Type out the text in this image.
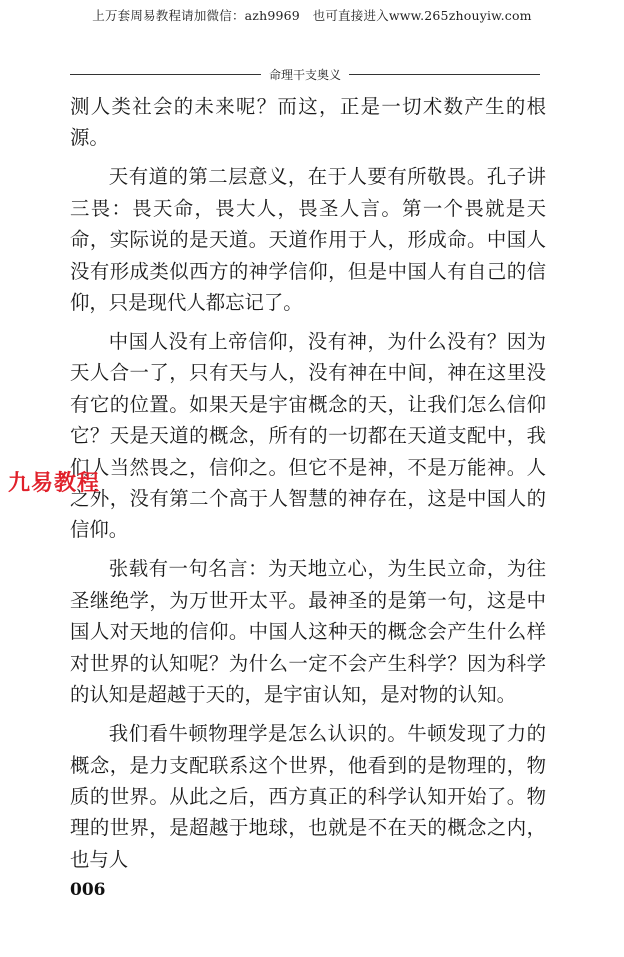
上万套周易教程请加微信：azh9969　也可直接进入www.265zhouyiw.com
命理干支奥义

测人类社会的未来呢？而这，正是一切术数产生的根源。

天有道的第二层意义，在于人要有所敬畏。孔子讲三畏：畏天命，畏大人，畏圣人言。第一个畏就是天命，实际说的是天道。天道作用于人，形成命。中国人没有形成类似西方的神学信仰，但是中国人有自己的信仰，只是现代人都忘记了。

中国人没有上帝信仰，没有神，为什么没有？因为天人合一了，只有天与人，没有神在中间，神在这里没有它的位置。如果天是宇宙概念的天，让我们怎么信仰它？天是天道的概念，所有的一切都在天道支配中，我们人当然畏之，信仰之。但它不是神，不是万能神。人之外，没有第二个高于人智慧的神存在，这是中国人的信仰。

张载有一句名言：为天地立心，为生民立命，为往圣继绝学，为万世开太平。最神圣的是第一句，这是中国人对天地的信仰。中国人这种天的概念会产生什么样对世界的认知呢？为什么一定不会产生科学？因为科学的认知是超越于天的，是宇宙认知，是对物的认知。

我们看牛顿物理学是怎么认识的。牛顿发现了力的概念，是力支配联系这个世界，他看到的是物理的，物质的世界。从此之后，西方真正的科学认知开始了。物理的世界，是超越于地球，也就是不在天的概念之内，也与人

九易教程
006
